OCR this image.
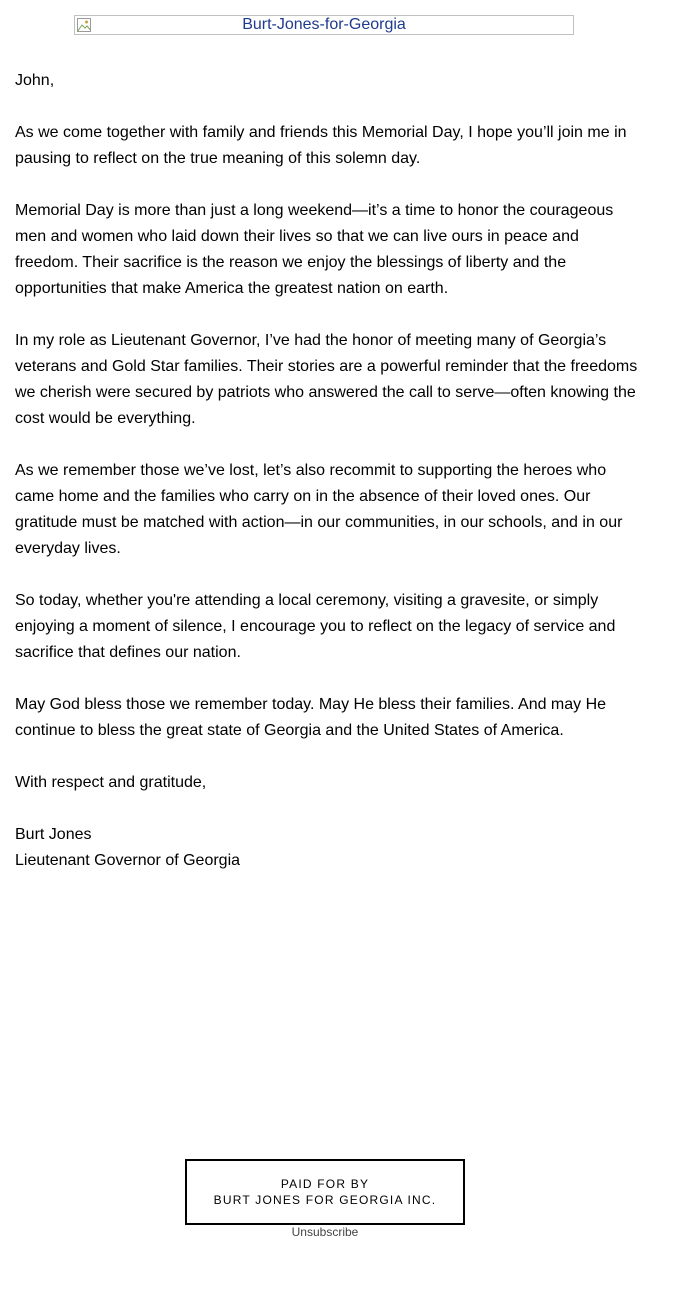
Burt-Jones-for-Georgia

John,

As we come together with family and friends this Memorial Day, I hope you’ll join me in pausing to reflect on the true meaning of this solemn day.

Memorial Day is more than just a long weekend—it’s a time to honor the courageous men and women who laid down their lives so that we can live ours in peace and freedom. Their sacrifice is the reason we enjoy the blessings of liberty and the opportunities that make America the greatest nation on earth.

In my role as Lieutenant Governor, I’ve had the honor of meeting many of Georgia’s veterans and Gold Star families. Their stories are a powerful reminder that the freedoms we cherish were secured by patriots who answered the call to serve—often knowing the cost would be everything.

As we remember those we’ve lost, let’s also recommit to supporting the heroes who came home and the families who carry on in the absence of their loved ones. Our gratitude must be matched with action—in our communities, in our schools, and in our everyday lives.

So today, whether you're attending a local ceremony, visiting a gravesite, or simply enjoying a moment of silence, I encourage you to reflect on the legacy of service and sacrifice that defines our nation.

May God bless those we remember today. May He bless their families. And may He continue to bless the great state of Georgia and the United States of America.

With respect and gratitude,

Burt Jones

Lieutenant Governor of Georgia

PAID FOR BY
BURT JONES FOR GEORGIA INC.
Unsubscribe
